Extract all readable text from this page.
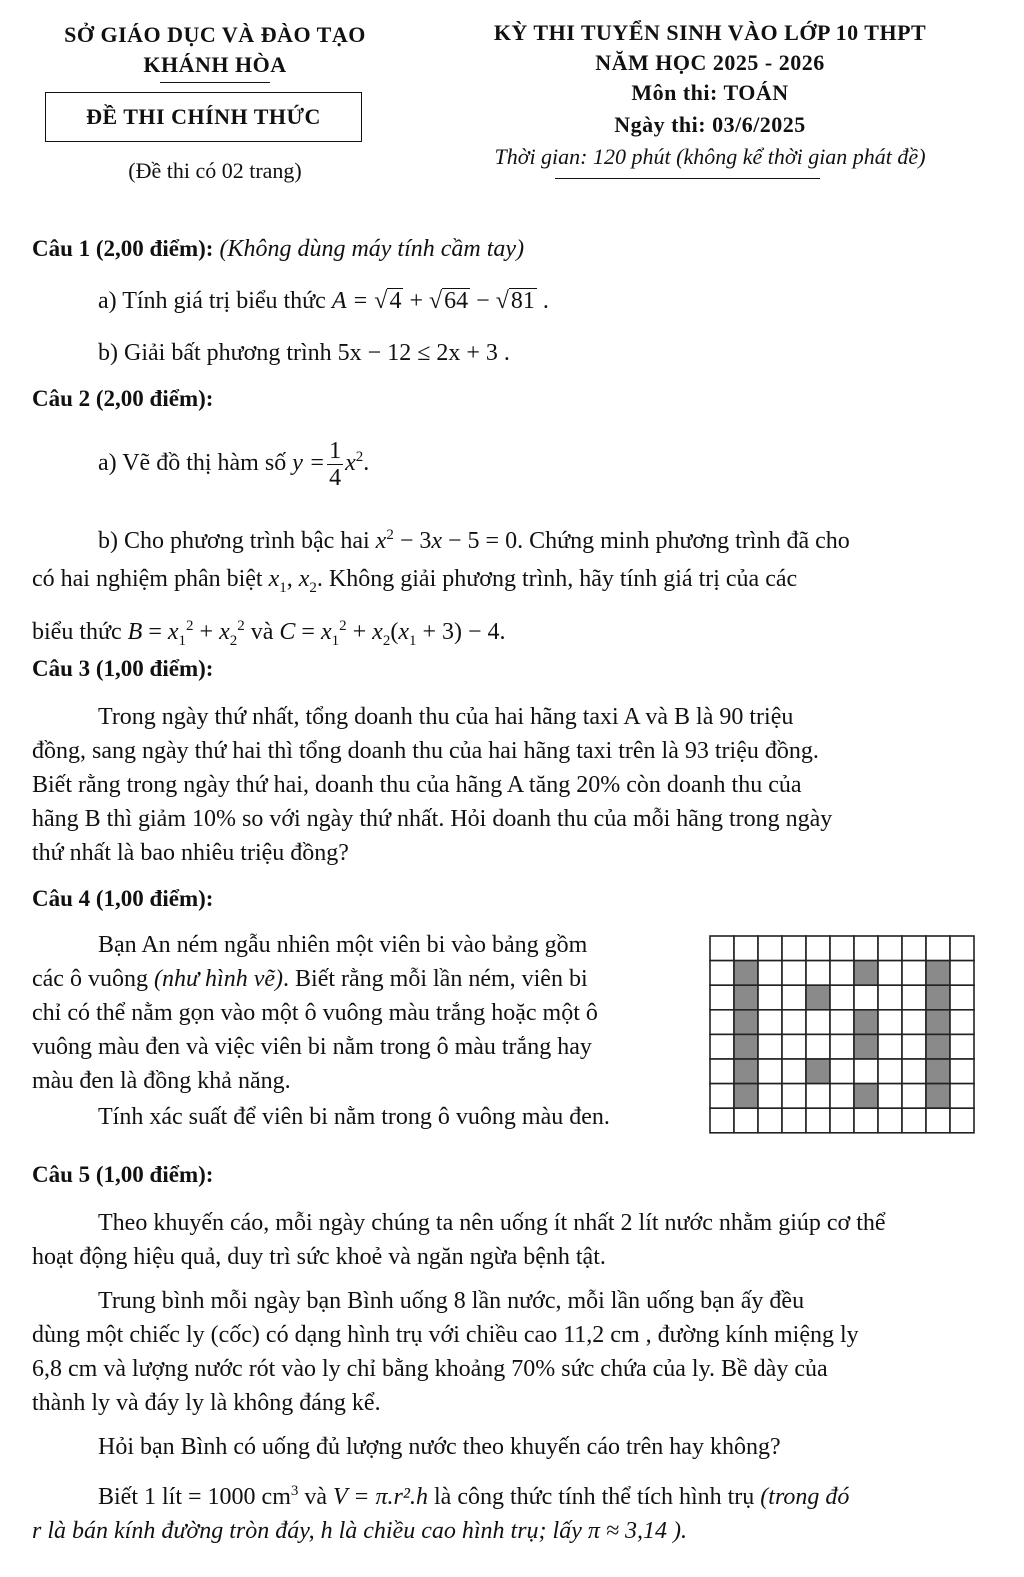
SỞ GIÁO DỤC VÀ ĐÀO TẠO
KHÁNH HÒA
ĐỀ THI CHÍNH THỨC
(Đề thi có 02 trang)
KỲ THI TUYỂN SINH VÀO LỚP 10 THPT
NĂM HỌC 2025 - 2026
Môn thi: TOÁN
Ngày thi: 03/6/2025
Thời gian: 120 phút (không kể thời gian phát đề)
Câu 1 (2,00 điểm): (Không dùng máy tính cầm tay)
a) Tính giá trị biểu thức A = √4 + √64 − √81 .
b) Giải bất phương trình 5x − 12 ≤ 2x + 3 .
Câu 2 (2,00 điểm):
a) Vẽ đồ thị hàm số $y = \frac{1}{4} x^2$.
b) Cho phương trình bậc hai $x^2 - 3x - 5 = 0$. Chứng minh phương trình đã cho
có hai nghiệm phân biệt $x_1$, $x_2$. Không giải phương trình, hãy tính giá trị của các
biểu thức $B = x_1^2 + x_2^2$ và $C = x_1^2 + x_2(x_1 + 3) - 4$.
Câu 3 (1,00 điểm):
Trong ngày thứ nhất, tổng doanh thu của hai hãng taxi A và B là 90 triệu
đồng, sang ngày thứ hai thì tổng doanh thu của hai hãng taxi trên là 93 triệu đồng.
Biết rằng trong ngày thứ hai, doanh thu của hãng A tăng 20% còn doanh thu của
hãng B thì giảm 10% so với ngày thứ nhất. Hỏi doanh thu của mỗi hãng trong ngày
thứ nhất là bao nhiêu triệu đồng?
Câu 4 (1,00 điểm):
Bạn An ném ngẫu nhiên một viên bi vào bảng gồm
các ô vuông (như hình vẽ). Biết rằng mỗi lần ném, viên bi
chỉ có thể nằm gọn vào một ô vuông màu trắng hoặc một ô
vuông màu đen và việc viên bi nằm trong ô màu trắng hay
màu đen là đồng khả năng.
Tính xác suất để viên bi nằm trong ô vuông màu đen.
Câu 5 (1,00 điểm):
Theo khuyến cáo, mỗi ngày chúng ta nên uống ít nhất 2 lít nước nhằm giúp cơ thể
hoạt động hiệu quả, duy trì sức khoẻ và ngăn ngừa bệnh tật.
Trung bình mỗi ngày bạn Bình uống 8 lần nước, mỗi lần uống bạn ấy đều
dùng một chiếc ly (cốc) có dạng hình trụ với chiều cao 11,2 cm , đường kính miệng ly
6,8 cm và lượng nước rót vào ly chỉ bằng khoảng 70% sức chứa của ly. Bề dày của
thành ly và đáy ly là không đáng kể.
Hỏi bạn Bình có uống đủ lượng nước theo khuyến cáo trên hay không?
Biết 1 lít = 1000 $cm^3$ và V = π.r².h là công thức tính thể tích hình trụ (trong đó
r là bán kính đường tròn đáy, h là chiều cao hình trụ; lấy π ≈ 3,14 ).
